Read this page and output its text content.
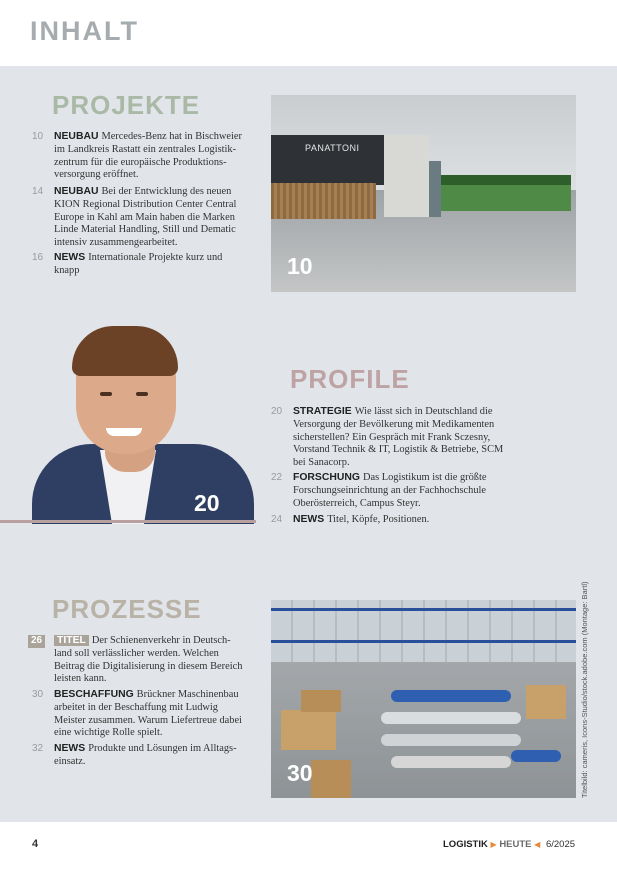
INHALT
PROJEKTE
10	NEUBAU Mercedes-Benz hat in Bischweier
im Landkreis Rastatt ein zentrales Logistik-
zentrum für die europäische Produktions-
versorgung eröffnet.
14	NEUBAU Bei der Entwicklung des neuen
KION Regional Distribution Center Central
Europe in Kahl am Main haben die Marken
Linde Material Handling, Still und Dematic
intensiv zusammengearbeitet.
16	NEWS Internationale Projekte kurz und
knapp
PANATTONI
10
20
PROFILE
20	STRATEGIE Wie lässt sich in Deutschland die
Versorgung der Bevölkerung mit Medikamenten
sicherstellen? Ein Gespräch mit Frank Sczesny,
Vorstand Technik & IT, Logistik & Betriebe, SCM
bei Sanacorp.
22	FORSCHUNG Das Logistikum ist die größte
Forschungseinrichtung an der Fachhochschule
Oberösterreich, Campus Steyr.
24	NEWS Titel, Köpfe, Positionen.
PROZESSE
26	TITEL Der Schienenverkehr in Deutsch-
land soll verlässlicher werden. Welchen
Beitrag die Digitalisierung in diesem Bereich
leisten kann.
30	BESCHAFFUNG Brückner Maschinenbau
arbeitet in der Beschaffung mit Ludwig
Meister zusammen. Warum Liefertreue dabei
eine wichtige Rolle spielt.
32	NEWS Produkte und Lösungen im Alltags-
einsatz.	30	Titelbild: cameris, Icons-Studio/stock.adobe.com (Montage: Bartl)
4	LOGISTIK ▶ HEUTE ◀ 6/2025
